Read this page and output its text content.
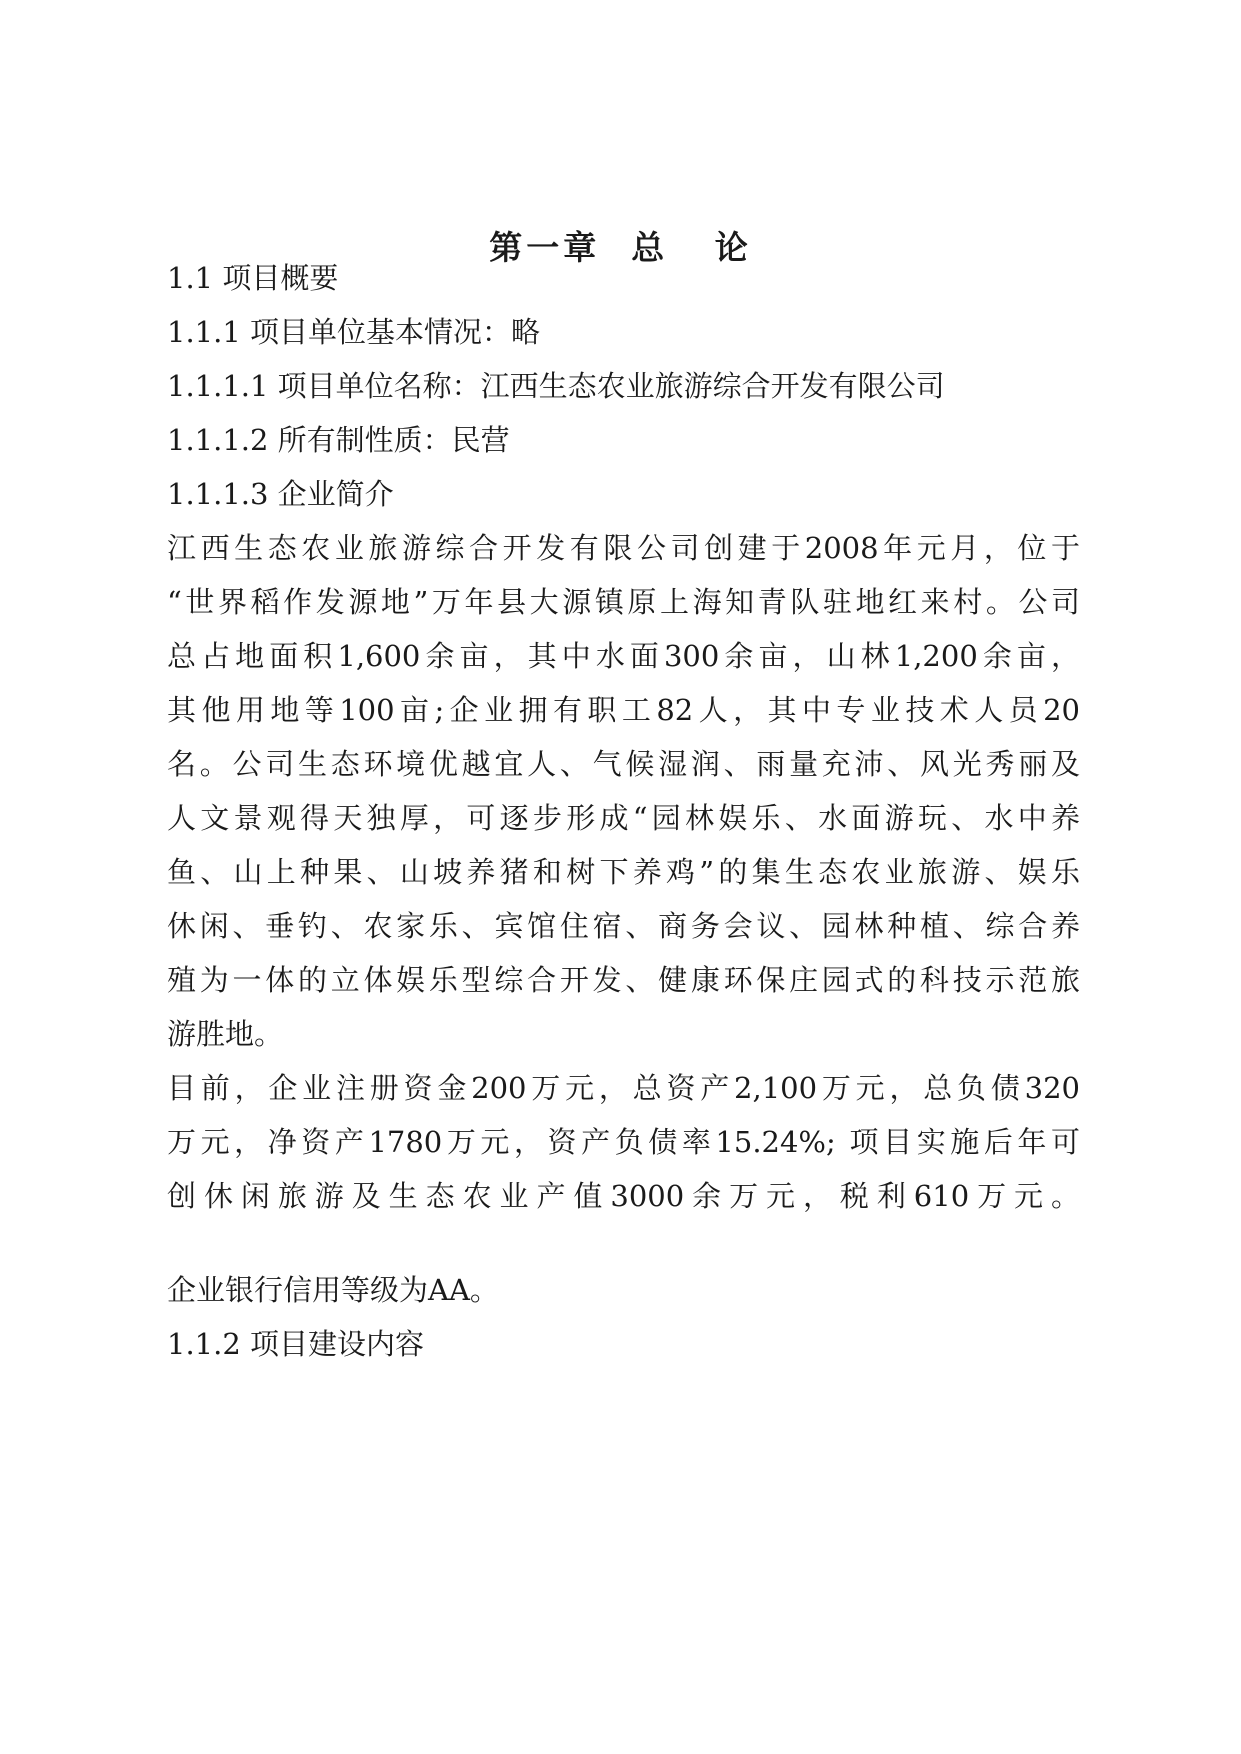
第一章  总   论
1.1 项目概要
1.1.1 项目单位基本情况：略
1.1.1.1 项目单位名称：江西生态农业旅游综合开发有限公司
1.1.1.2 所有制性质：民营
1.1.1.3 企业简介
江西生态农业旅游综合开发有限公司创建于2008年元月，位于
“世界稻作发源地”万年县大源镇原上海知青队驻地红来村。公司
总占地面积1,600余亩，其中水面300余亩，山林1,200余亩，
其他用地等100亩;企业拥有职工82人，其中专业技术人员20
名。公司生态环境优越宜人、气候湿润、雨量充沛、风光秀丽及
人文景观得天独厚，可逐步形成“园林娱乐、水面游玩、水中养
鱼、山上种果、山坡养猪和树下养鸡”的集生态农业旅游、娱乐
休闲、垂钓、农家乐、宾馆住宿、商务会议、园林种植、综合养
殖为一体的立体娱乐型综合开发、健康环保庄园式的科技示范旅
游胜地。
目前，企业注册资金200万元，总资产2,100万元，总负债320
万元，净资产1780万元，资产负债率15.24%; 项目实施后年可
创休闲旅游及生态农业产值3000余万元，税利610万元。
企业银行信用等级为AA。
1.1.2 项目建设内容
